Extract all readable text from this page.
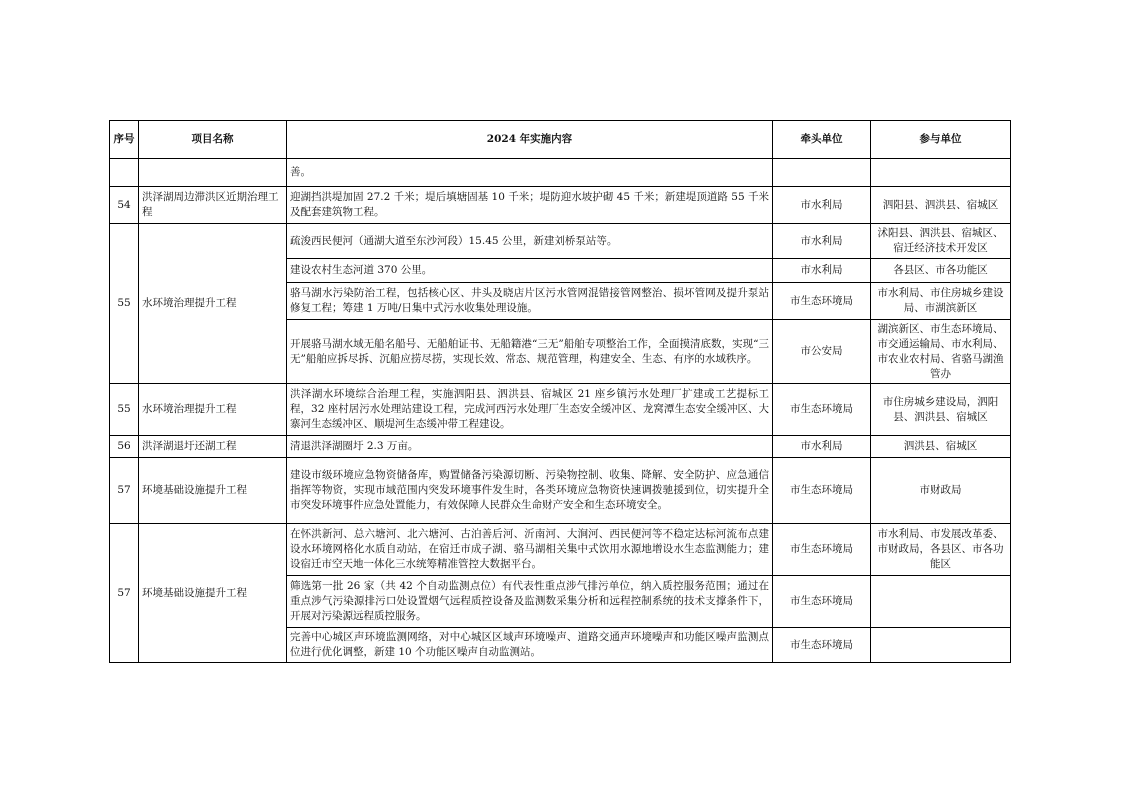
序号	项目名称	2024 年实施内容	牵头单位	参与单位
		善。		
54	洪泽湖周边滞洪区近期治理工程	迎湖挡洪堤加固 27.2 千米；堤后填塘固基 10 千米；堤防迎水坡护砌 45 千米；新建堤顶道路 55 千米及配套建筑物工程。	市水利局	泗阳县、泗洪县、宿城区
55	水环境治理提升工程	疏浚西民便河（通湖大道至东沙河段）15.45 公里，新建刘桥泵站等。	市水利局	沭阳县、泗洪县、宿城区、宿迁经济技术开发区
		建设农村生态河道 370 公里。	市水利局	各县区、市各功能区
		骆马湖水污染防治工程，包括核心区、井头及晓店片区污水管网混错接管网整治、损坏管网及提升泵站修复工程；筹建 1 万吨/日集中式污水收集处理设施。	市生态环境局	市水利局、市住房城乡建设局、市湖滨新区
		开展骆马湖水域无船名船号、无船舶证书、无船籍港“三无”船舶专项整治工作，全面摸清底数，实现“三无”船舶应拆尽拆、沉船应捞尽捞，实现长效、常态、规范管理，构建安全、生态、有序的水域秩序。	市公安局	湖滨新区、市生态环境局、市交通运输局、市水利局、市农业农村局、省骆马湖渔管办
55	水环境治理提升工程	洪泽湖水环境综合治理工程，实施泗阳县、泗洪县、宿城区 21 座乡镇污水处理厂扩建或工艺提标工程，32 座村居污水处理站建设工程，完成河西污水处理厂生态安全缓冲区、龙窝潭生态安全缓冲区、大寨河生态缓冲区、顺堤河生态缓冲带工程建设。	市生态环境局	市住房城乡建设局，泗阳县、泗洪县、宿城区
56	洪泽湖退圩还湖工程	清退洪泽湖圈圩 2.3 万亩。	市水利局	泗洪县、宿城区
57	环境基础设施提升工程	建设市级环境应急物资储备库，购置储备污染源切断、污染物控制、收集、降解、安全防护、应急通信指挥等物资，实现市域范围内突发环境事件发生时，各类环境应急物资快速调拨驰援到位，切实提升全市突发环境事件应急处置能力，有效保障人民群众生命财产安全和生态环境安全。	市生态环境局	市财政局
57	环境基础设施提升工程	在怀洪新河、总六塘河、北六塘河、古泊善后河、沂南河、大涧河、西民便河等不稳定达标河流布点建设水环境网格化水质自动站，在宿迁市成子湖、骆马湖相关集中式饮用水源地增设水生态监测能力；建设宿迁市空天地一体化三水统筹精准管控大数据平台。	市生态环境局	市水利局、市发展改革委、市财政局，各县区、市各功能区
		筛选第一批 26 家（共 42 个自动监测点位）有代表性重点涉气排污单位，纳入质控服务范围；通过在重点涉气污染源排污口处设置烟气远程质控设备及监测数采集分析和远程控制系统的技术支撑条件下，开展对污染源远程质控服务。	市生态环境局	
		完善中心城区声环境监测网络，对中心城区区域声环境噪声、道路交通声环境噪声和功能区噪声监测点位进行优化调整，新建 10 个功能区噪声自动监测站。	市生态环境局	
